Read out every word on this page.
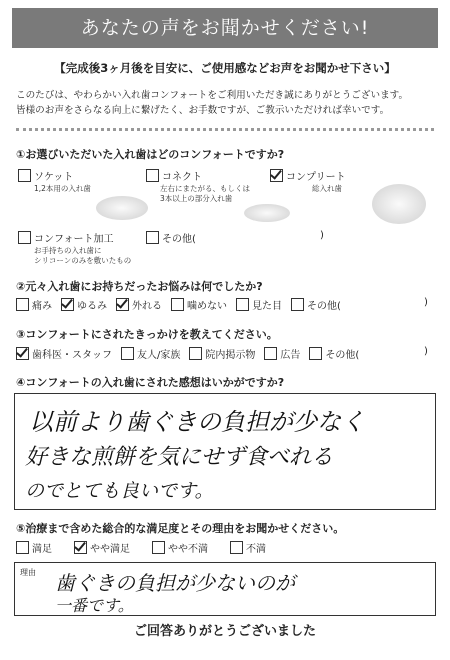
あなたの声をお聞かせください!
【完成後3ヶ月後を目安に、ご使用感などお声をお聞かせ下さい】
このたびは、やわらかい入れ歯コンフォートをご利用いただき誠にありがとうございます。
皆様のお声をさらなる向上に繋げたく、お手数ですが、ご教示いただければ幸いです。
①お選びいただいた入れ歯はどのコンフォートですか?
ソケット
1,2本用の入れ歯
コネクト
左右にまたがる、もしくは
3本以上の部分入れ歯
コンプリート
総入れ歯
コンフォート加工
お手持ちの入れ歯に
シリコーンのみを敷いたもの
その他(	)
②元々入れ歯にお持ちだったお悩みは何でしたか?
痛み	ゆるみ	外れる	噛めない	見た目	その他(	)
③コンフォートにされたきっかけを教えてください。
歯科医・スタッフ	友人/家族	院内掲示物	広告	その他(	)
④コンフォートの入れ歯にされた感想はいかがですか?
以前より歯ぐきの負担が少なく
好きな煎餅を気にせず食べれる
のでとても良いです。
⑤治療まで含めた総合的な満足度とその理由をお聞かせください。
満足	やや満足	やや不満	不満
理由 歯ぐきの負担が少ないのが
一番です。
ご回答ありがとうございました
